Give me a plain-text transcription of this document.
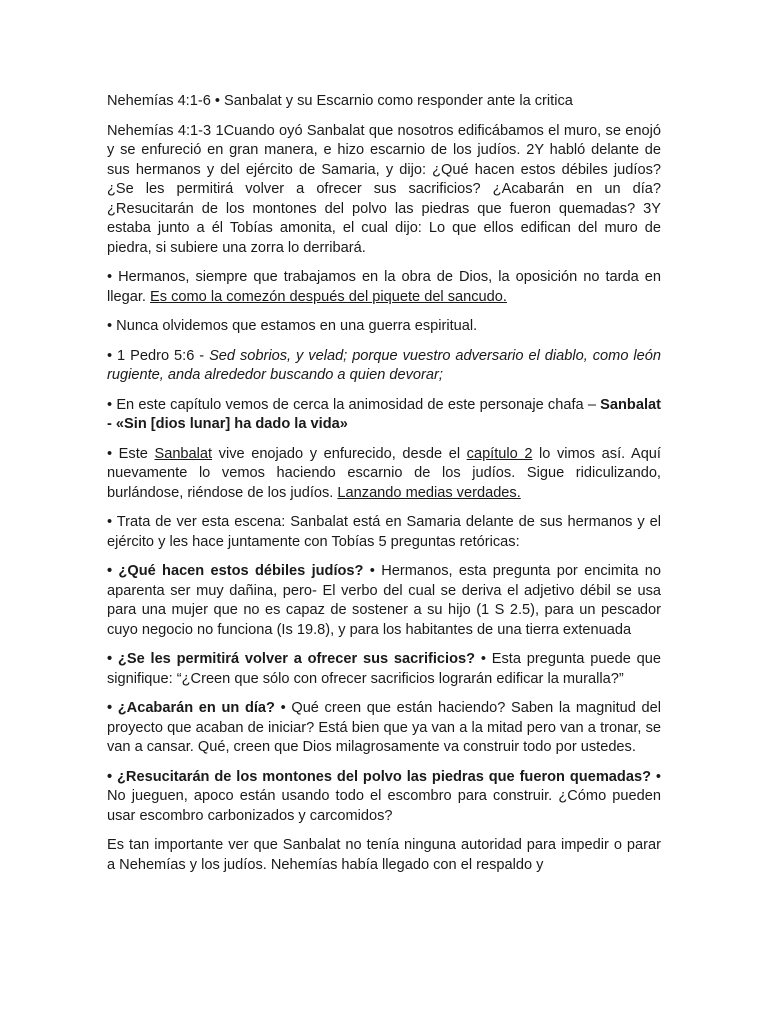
Nehemías 4:1-6 • Sanbalat y su Escarnio como responder ante la critica

Nehemías 4:1-3 1Cuando oyó Sanbalat que nosotros edificábamos el muro, se enojó y se enfureció en gran manera, e hizo escarnio de los judíos. 2Y habló delante de sus hermanos y del ejército de Samaria, y dijo: ¿Qué hacen estos débiles judíos? ¿Se les permitirá volver a ofrecer sus sacrificios? ¿Acabarán en un día? ¿Resucitarán de los montones del polvo las piedras que fueron quemadas? 3Y estaba junto a él Tobías amonita, el cual dijo: Lo que ellos edifican del muro de piedra, si subiere una zorra lo derribará.

• Hermanos, siempre que trabajamos en la obra de Dios, la oposición no tarda en llegar. Es como la comezón después del piquete del sancudo.

• Nunca olvidemos que estamos en una guerra espiritual.

• 1 Pedro 5:6 - Sed sobrios, y velad; porque vuestro adversario el diablo, como león rugiente, anda alrededor buscando a quien devorar;

• En este capítulo vemos de cerca la animosidad de este personaje chafa – Sanbalat - «Sin [dios lunar] ha dado la vida»

• Este Sanbalat vive enojado y enfurecido, desde el capítulo 2 lo vimos así. Aquí nuevamente lo vemos haciendo escarnio de los judíos. Sigue ridiculizando, burlándose, riéndose de los judíos. Lanzando medias verdades.

• Trata de ver esta escena: Sanbalat está en Samaria delante de sus hermanos y el ejército y les hace juntamente con Tobías 5 preguntas retóricas:

• ¿Qué hacen estos débiles judíos? • Hermanos, esta pregunta por encimita no aparenta ser muy dañina, pero- El verbo del cual se deriva el adjetivo débil se usa para una mujer que no es capaz de sostener a su hijo (1 S 2.5), para un pescador cuyo negocio no funciona (Is 19.8), y para los habitantes de una tierra extenuada

• ¿Se les permitirá volver a ofrecer sus sacrificios? • Esta pregunta puede que signifique: “¿Creen que sólo con ofrecer sacrificios lograrán edificar la muralla?”

• ¿Acabarán en un día? • Qué creen que están haciendo? Saben la magnitud del proyecto que acaban de iniciar? Está bien que ya van a la mitad pero van a tronar, se van a cansar. Qué, creen que Dios milagrosamente va construir todo por ustedes.

• ¿Resucitarán de los montones del polvo las piedras que fueron quemadas? • No jueguen, apoco están usando todo el escombro para construir. ¿Cómo pueden usar escombro carbonizados y carcomidos?

Es tan importante ver que Sanbalat no tenía ninguna autoridad para impedir o parar a Nehemías y los judíos. Nehemías había llegado con el respaldo y
